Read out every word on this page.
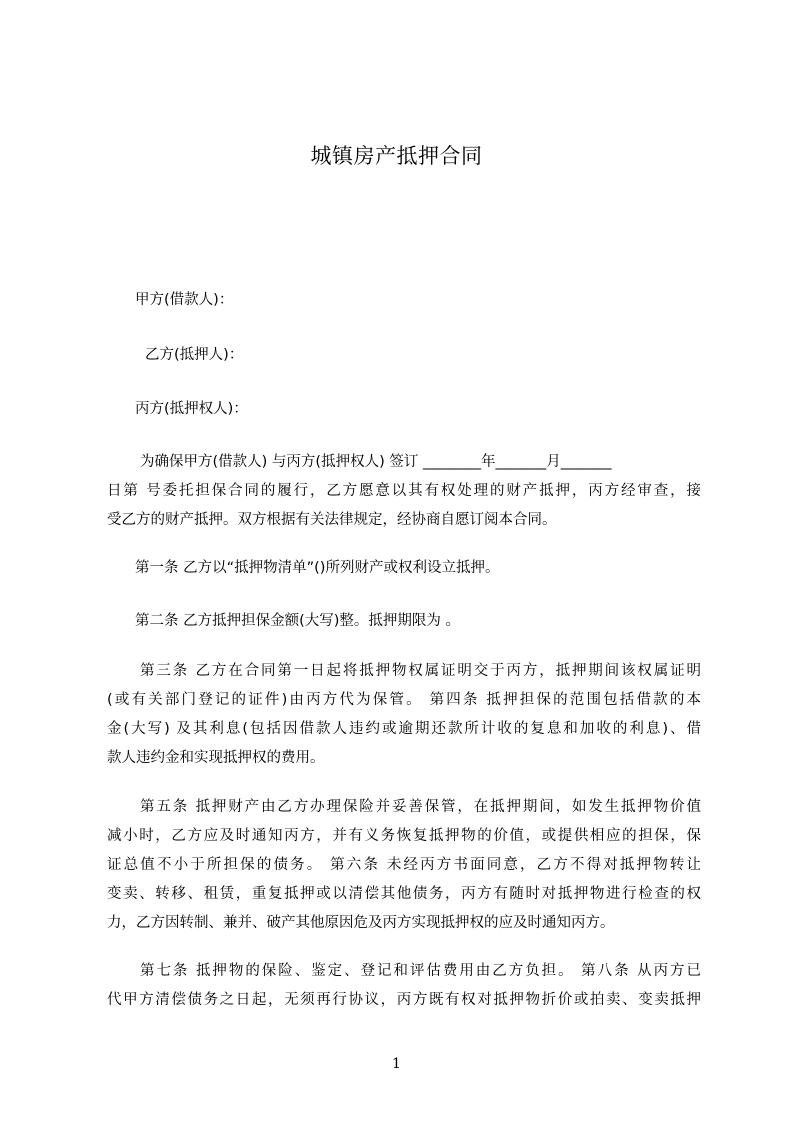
城镇房产抵押合同
甲方(借款人)：
乙方(抵押人)：
丙方(抵押权人)：
为确保甲方(借款人) 与丙方(抵押权人) 签订 ________年_______月_______
日第 号委托担保合同的履行，乙方愿意以其有权处理的财产抵押，丙方经审查，接
受乙方的财产抵押。双方根据有关法律规定，经协商自愿订阅本合同。
第一条 乙方以“抵押物清单”()所列财产或权利设立抵押。
第二条 乙方抵押担保金额(大写)整。抵押期限为 。
第三条 乙方在合同第一日起将抵押物权属证明交于丙方，抵押期间该权属证明
(或有关部门登记的证件)由丙方代为保管。 第四条 抵押担保的范围包括借款的本
金(大写) 及其利息(包括因借款人违约或逾期还款所计收的复息和加收的利息)、借
款人违约金和实现抵押权的费用。
第五条 抵押财产由乙方办理保险并妥善保管，在抵押期间，如发生抵押物价值
减小时，乙方应及时通知丙方，并有义务恢复抵押物的价值，或提供相应的担保，保
证总值不小于所担保的债务。 第六条 未经丙方书面同意，乙方不得对抵押物转让
变卖、转移、租赁，重复抵押或以清偿其他债务，丙方有随时对抵押物进行检查的权
力，乙方因转制、兼并、破产其他原因危及丙方实现抵押权的应及时通知丙方。
第七条 抵押物的保险、鉴定、登记和评估费用由乙方负担。 第八条 从丙方已
代甲方清偿债务之日起，无须再行协议，丙方既有权对抵押物折价或拍卖、变卖抵押
1
